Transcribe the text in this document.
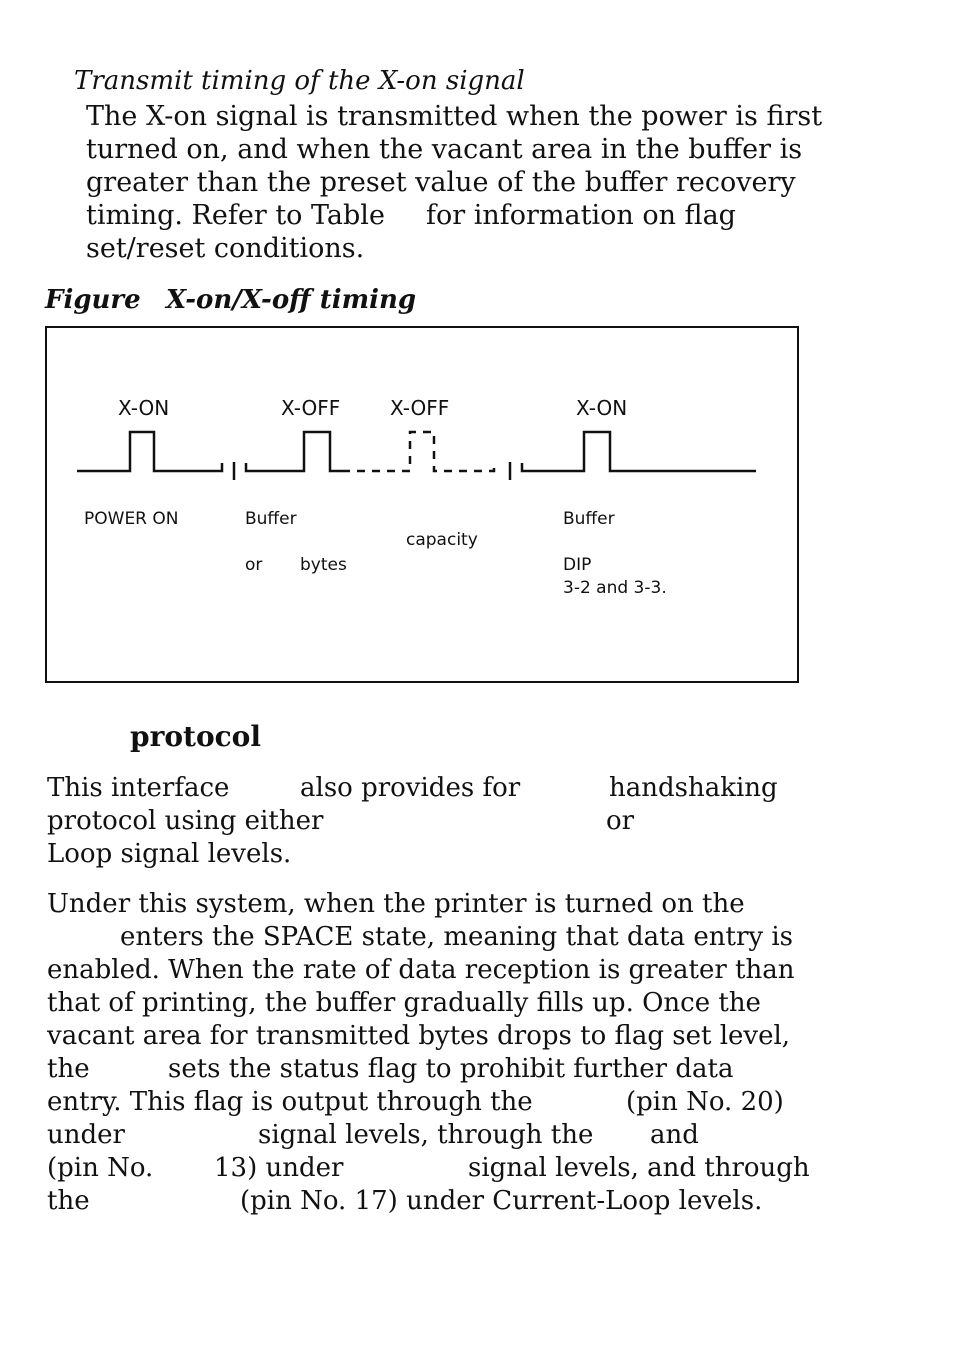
Transmit timing of the X-on signal
The X-on signal is transmitted when the power is first
turned on, and when the vacant area in the buffer is
greater than the preset value of the buffer recovery
timing. Refer to Table for information on flag
set/reset conditions.
Figure X-on/X-off timing
X-ON	X-OFF X-OFF	X-ON
POWER ON	Buffer
capacity
or bytes
Buffer
DIP
3-2 and 3-3.
protocol
This interface	also provides for	handshaking
protocol using either	or
Loop signal levels.
Under this system, when the printer is turned on the
enters the SPACE state, meaning that data entry is
enabled. When the rate of data reception is greater than
that of printing, the buffer gradually fills up. Once the
vacant area for transmitted bytes drops to flag set level,
the	sets the status flag to prohibit further data
entry. This flag is output through the	(pin No. 20)
under	signal levels, through the and
(pin No. 13) under	signal levels, and through
the	(pin No. 17) under Current-Loop levels.
